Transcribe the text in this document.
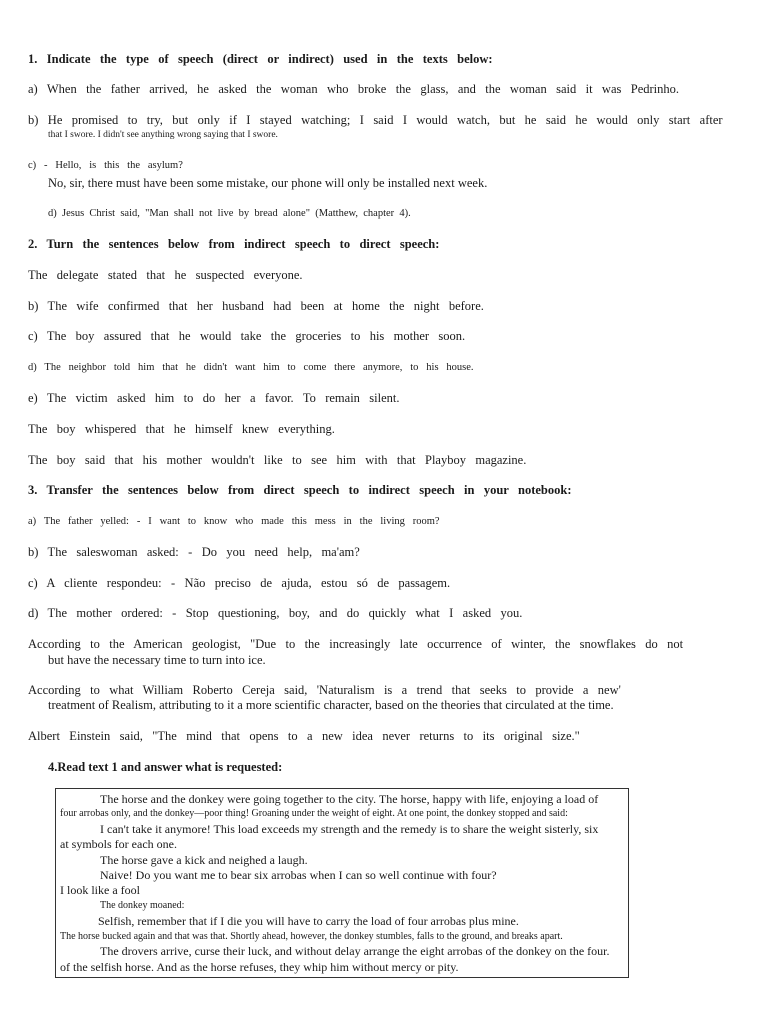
1.   Indicate   the   type   of   speech   (direct   or   indirect)   used   in   the   texts   below:
a)   When   the   father   arrived,   he   asked   the   woman   who   broke   the   glass,   and   the   woman   said   it   was   Pedrinho.
b)   He   promised   to   try,   but   only   if   I   stayed   watching;   I   said   I   would   watch,   but   he   said   he   would   only   start   after
that I swore. I didn't see anything wrong saying that I swore.
c)   -   Hello,   is   this   the   asylum?
No, sir, there must have been some mistake, our phone will only be installed next week.
d)  Jesus  Christ  said,  "Man  shall  not  live  by  bread  alone"  (Matthew,  chapter  4).
2.   Turn   the   sentences   below   from   indirect   speech   to   direct   speech:
The   delegate   stated   that   he   suspected   everyone.
b)   The   wife   confirmed   that   her   husband   had   been   at   home   the   night   before.
c)   The   boy   assured   that   he   would   take   the   groceries   to   his   mother   soon.
d)   The   neighbor   told   him   that   he   didn't   want   him   to   come   there   anymore,   to   his   house.
e)   The   victim   asked   him   to   do   her   a   favor.   To   remain   silent.
The   boy   whispered   that   he   himself   knew   everything.
The   boy   said   that   his   mother   wouldn't   like   to   see   him   with   that   Playboy   magazine.
3.   Transfer   the   sentences   below   from   direct   speech   to   indirect   speech   in   your   notebook:
a)   The   father   yelled:   -   I   want   to   know   who   made   this   mess   in   the   living   room?
b)   The   saleswoman   asked:   -   Do   you   need   help,   ma'am?
c)   A   cliente   respondeu:   -   Não   preciso   de   ajuda,   estou   só   de   passagem.
d)   The   mother   ordered:   -   Stop   questioning,   boy,   and   do   quickly   what   I   asked   you.
According   to   the   American   geologist,   "Due   to   the   increasingly   late   occurrence   of   winter,   the   snowflakes   do   not
but have the necessary time to turn into ice.
According   to   what   William   Roberto   Cereja   said,   'Naturalism   is   a   trend   that   seeks   to   provide   a   new'
treatment of Realism, attributing to it a more scientific character, based on the theories that circulated at the time.
Albert   Einstein   said,   "The   mind   that   opens   to   a   new   idea   never   returns   to   its   original   size."
4.Read text 1 and answer what is requested:
The horse and the donkey were going together to the city. The horse, happy with life, enjoying a load of
four arrobas only, and the donkey—poor thing! Groaning under the weight of eight. At one point, the donkey stopped and said:
I can't take it anymore! This load exceeds my strength and the remedy is to share the weight sisterly, six
at symbols for each one.
The horse gave a kick and neighed a laugh.
Naive! Do you want me to bear six arrobas when I can so well continue with four?
I look like a fool
The donkey moaned:
Selfish, remember that if I die you will have to carry the load of four arrobas plus mine.
The horse bucked again and that was that. Shortly ahead, however, the donkey stumbles, falls to the ground, and breaks apart.
The drovers arrive, curse their luck, and without delay arrange the eight arrobas of the donkey on the four.
of the selfish horse. And as the horse refuses, they whip him without mercy or pity.
